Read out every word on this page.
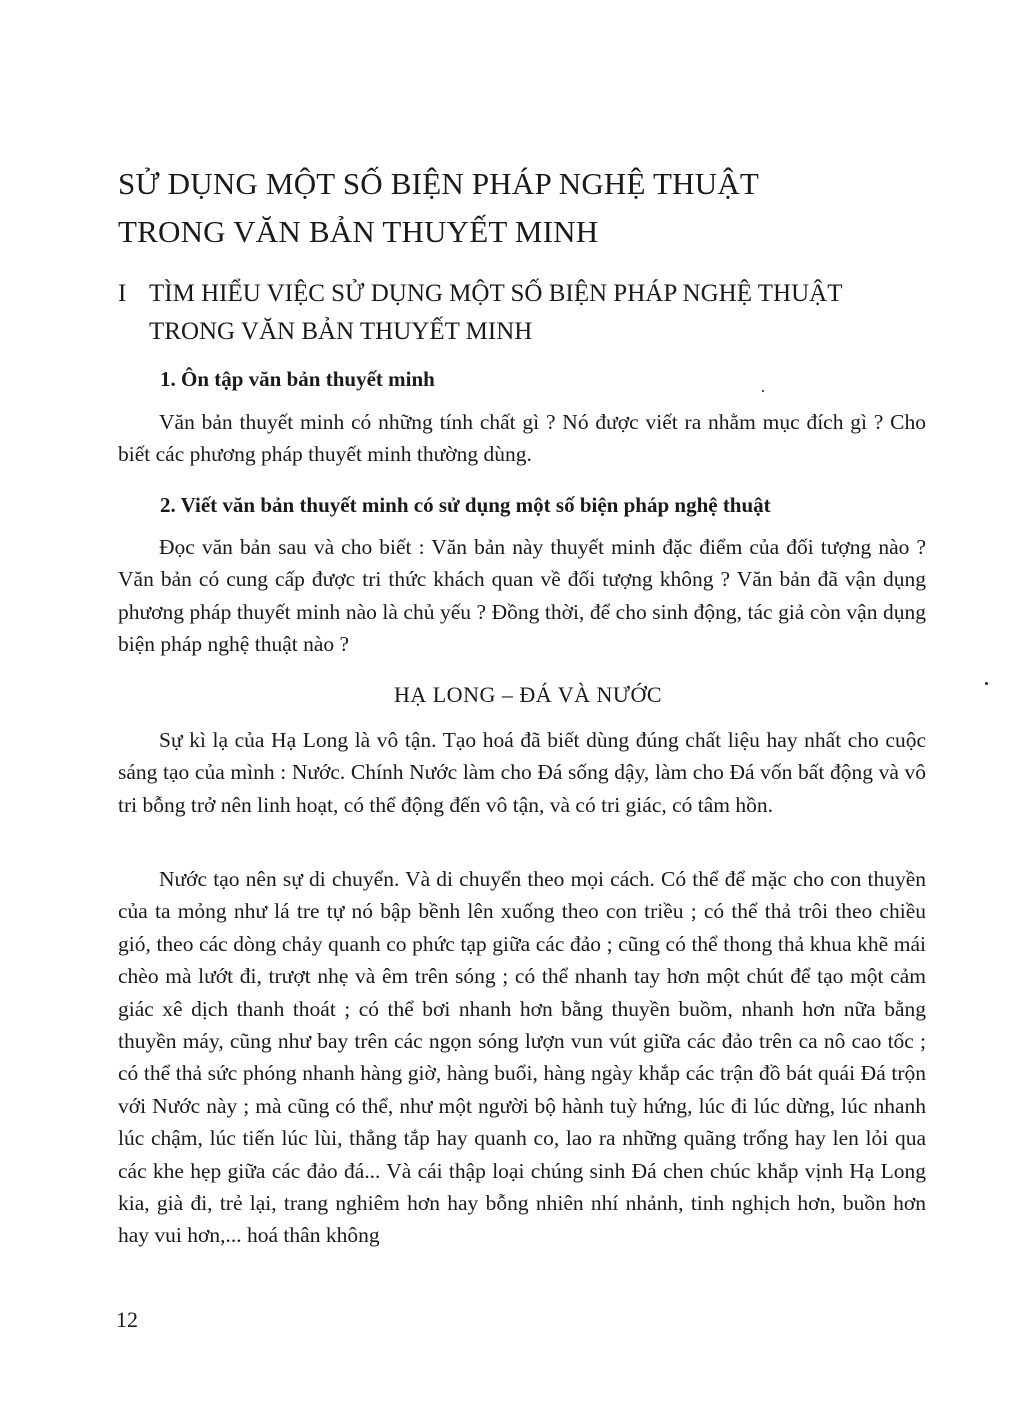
SỬ DỤNG MỘT SỐ BIỆN PHÁP NGHỆ THUẬT
TRONG VĂN BẢN THUYẾT MINH
I TÌM HIỂU VIỆC SỬ DỤNG MỘT SỐ BIỆN PHÁP NGHỆ THUẬT
TRONG VĂN BẢN THUYẾT MINH
1. Ôn tập văn bản thuyết minh

Văn bản thuyết minh có những tính chất gì ? Nó được viết ra nhằm mục đích gì ? Cho biết các phương pháp thuyết minh thường dùng.

2. Viết văn bản thuyết minh có sử dụng một số biện pháp nghệ thuật

Đọc văn bản sau và cho biết : Văn bản này thuyết minh đặc điểm của đối tượng nào ? Văn bản có cung cấp được tri thức khách quan về đối tượng không ? Văn bản đã vận dụng phương pháp thuyết minh nào là chủ yếu ? Đồng thời, để cho sinh động, tác giả còn vận dụng biện pháp nghệ thuật nào ?

HẠ LONG – ĐÁ VÀ NƯỚC

Sự kì lạ của Hạ Long là vô tận. Tạo hoá đã biết dùng đúng chất liệu hay nhất cho cuộc sáng tạo của mình : Nước. Chính Nước làm cho Đá sống dậy, làm cho Đá vốn bất động và vô tri bỗng trở nên linh hoạt, có thể động đến vô tận, và có tri giác, có tâm hồn.

Nước tạo nên sự di chuyển. Và di chuyển theo mọi cách. Có thể để mặc cho con thuyền của ta mỏng như lá tre tự nó bập bềnh lên xuống theo con triều ; có thể thả trôi theo chiều gió, theo các dòng chảy quanh co phức tạp giữa các đảo ; cũng có thể thong thả khua khẽ mái chèo mà lướt đi, trượt nhẹ và êm trên sóng ; có thể nhanh tay hơn một chút để tạo một cảm giác xê dịch thanh thoát ; có thể bơi nhanh hơn bằng thuyền buồm, nhanh hơn nữa bằng thuyền máy, cũng như bay trên các ngọn sóng lượn vun vút giữa các đảo trên ca nô cao tốc ; có thể thả sức phóng nhanh hàng giờ, hàng buổi, hàng ngày khắp các trận đồ bát quái Đá trộn với Nước này ; mà cũng có thể, như một người bộ hành tuỳ hứng, lúc đi lúc dừng, lúc nhanh lúc chậm, lúc tiến lúc lùi, thẳng tắp hay quanh co, lao ra những quãng trống hay len lỏi qua các khe hẹp giữa các đảo đá... Và cái thập loại chúng sinh Đá chen chúc khắp vịnh Hạ Long kia, già đi, trẻ lại, trang nghiêm hơn hay bỗng nhiên nhí nhảnh, tinh nghịch hơn, buồn hơn hay vui hơn,... hoá thân không

12
